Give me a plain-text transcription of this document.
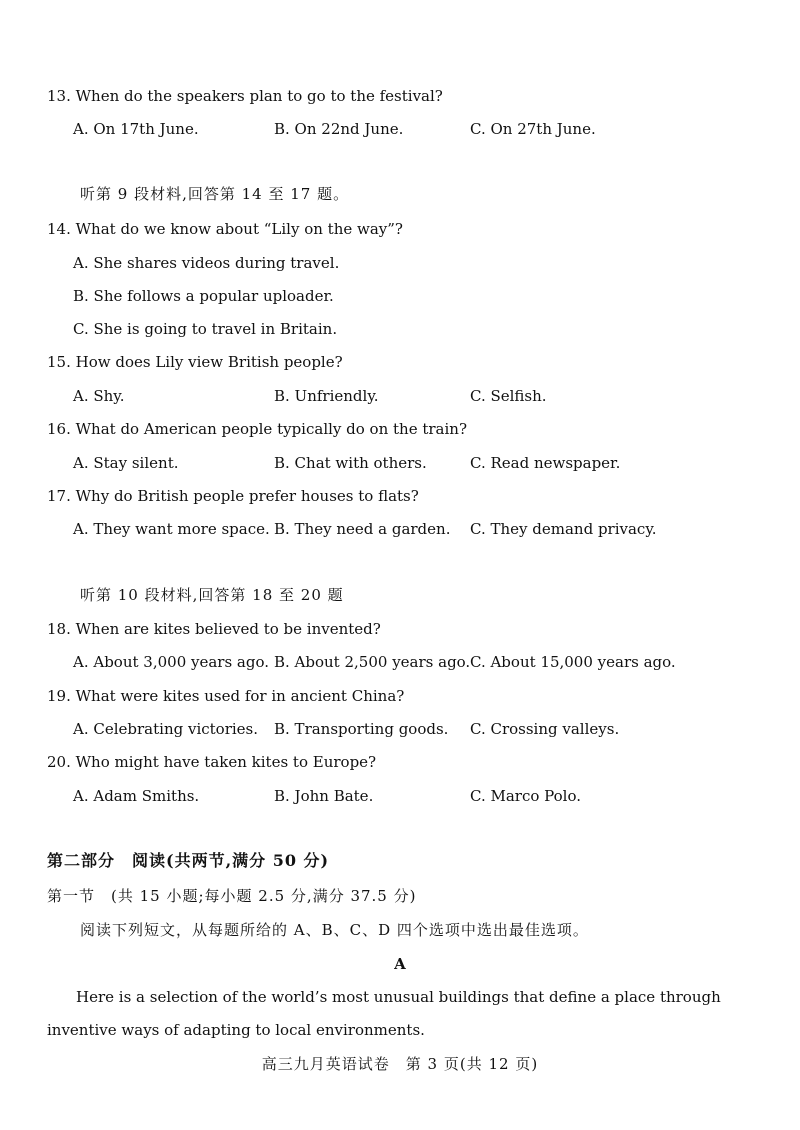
13. When do the speakers plan to go to the festival?
A. On 17th June.	B. On 22nd June.	C. On 27th June.
听第 9 段材料,回答第 14 至 17 题。
14. What do we know about “Lily on the way”?
A. She shares videos during travel.
B. She follows a popular uploader.
C. She is going to travel in Britain.
15. How does Lily view British people?
A. Shy.	B. Unfriendly.	C. Selfish.
16. What do American people typically do on the train?
A. Stay silent.	B. Chat with others.	C. Read newspaper.
17. Why do British people prefer houses to flats?
A. They want more space. B. They need a garden. C. They demand privacy.
听第 10 段材料,回答第 18 至 20 题
18. When are kites believed to be invented?
A. About 3,000 years ago. B. About 2,500 years ago. C. About 15,000 years ago.
19. What were kites used for in ancient China?
A. Celebrating victories. B. Transporting goods. C. Crossing valleys.
20. Who might have taken kites to Europe?
A. Adam Smiths.	B. John Bate.	C. Marco Polo.
第二部分　阅读(共两节,满分 50 分)
第一节　(共 15 小题;每小题 2.5 分,满分 37.5 分)
阅读下列短文，从每题所给的 A、B、C、D 四个选项中选出最佳选项。
A
Here is a selection of the world’s most unusual buildings that define a place through
inventive ways of adapting to local environments.
高三九月英语试卷　第 3 页(共 12 页)
